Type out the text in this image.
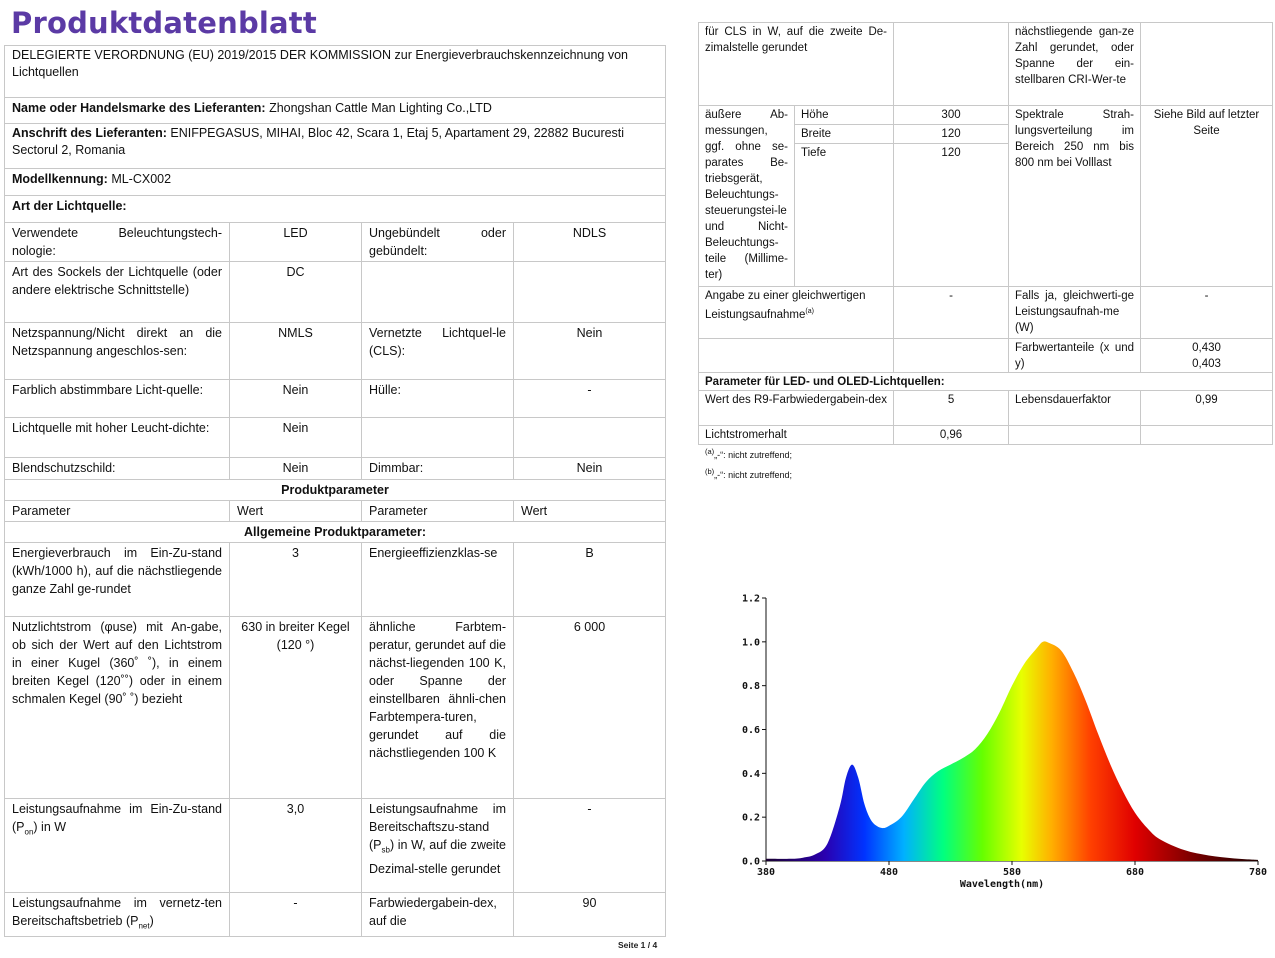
Produktdatenblatt
DELEGIERTE VERORDNUNG (EU) 2019/2015 DER KOMMISSION zur Energieverbrauchskennzeichnung von Lichtquellen			
Name oder Handelsmarke des Lieferanten: Zhongshan Cattle Man Lighting Co.,LTD			
Anschrift des Lieferanten: ENIFPEGASUS, MIHAI, Bloc 42, Scara 1, Etaj 5, Apartament 29, 22882 Bucuresti Sectorul 2, Romania			
Modellkennung: ML-CX002			
Art der Lichtquelle:			
Verwendete Beleuchtungstech-nologie:	LED	Ungebündelt oder gebündelt:	NDLS
Art des Sockels der Lichtquelle (oder andere elektrische Schnittstelle)	DC		
Netzspannung/Nicht direkt an die Netzspannung angeschlos-sen:	NMLS	Vernetzte Lichtquel-le (CLS):	Nein
Farblich abstimmbare Licht-quelle:	Nein	Hülle:	-
Lichtquelle mit hoher Leucht-dichte:	Nein		
Blendschutzschild:	Nein	Dimmbar:	Nein
Produktparameter			
Parameter	Wert	Parameter	Wert
Allgemeine Produktparameter:			
Energieverbrauch im Ein-Zu-stand (kWh/1000 h), auf die nächstliegende ganze Zahl ge-rundet	3	Energieeffizienzklas-se	B
Nutzlichtstrom (φuse) mit An-gabe, ob sich der Wert auf den Lichtstrom in einer Kugel (360˚ ˚), in einem breiten Kegel (120˚˚) oder in einem schmalen Kegel (90˚ ˚) bezieht	630 in breiter Kegel (120 °)	ähnliche Farbtem-peratur, gerundet auf die nächst-liegenden 100 K, oder Spanne der einstellbaren ähnli-chen Farbtempera-turen, gerundet auf die nächstliegenden 100 K	6 000
Leistungsaufnahme im Ein-Zu-stand $(P_{on})$ in W	3,0	Leistungsaufnahme im Bereitschaftszu-stand $(P_{sb})$ in W, auf die zweite Dezimal-stelle gerundet	-
Leistungsaufnahme im vernetz-ten Bereitschaftsbetrieb $(P_{net})$	-	Farbwiedergabein-dex, auf die	90
Seite 1 / 4
für CLS in W, auf die zweite De-zimalstelle gerundet			nächstliegende gan-ze Zahl gerundet, oder Spanne der ein-stellbaren CRI-Wer-te	
äußere Ab-messungen, ggf. ohne se-parates Be-triebsgerät, Beleuchtungs-steuerungstei-le und Nicht-Beleuchtungs-teile (Millime-ter)	Höhe	300	Spektrale Strah-lungsverteilung im Bereich 250 nm bis 800 nm bei Volllast	Siehe Bild auf letzter Seite
	Breite	120		
	Tiefe	120		
Angabe zu einer gleichwertigen Leistungsaufnahme$^{(a)}$		-	Falls ja, gleichwerti-ge Leistungsaufnah-me (W)	-
			Farbwertanteile (x und y)	0,430
0,403

Parameter für LED- und OLED-Lichtquellen:				
Wert des R9-Farbwiedergabein-dex		5	Lebensdauerfaktor	0,99
Lichtstromerhalt		0,96		
$^{(a)}$„-“: nicht zutreffend;
$^{(b)}$„-“: nicht zutreffend;
0.0
0.2
0.4
0.6
0.8
1.0
1.2
380	480	580	680	780
Wavelength(nm)
